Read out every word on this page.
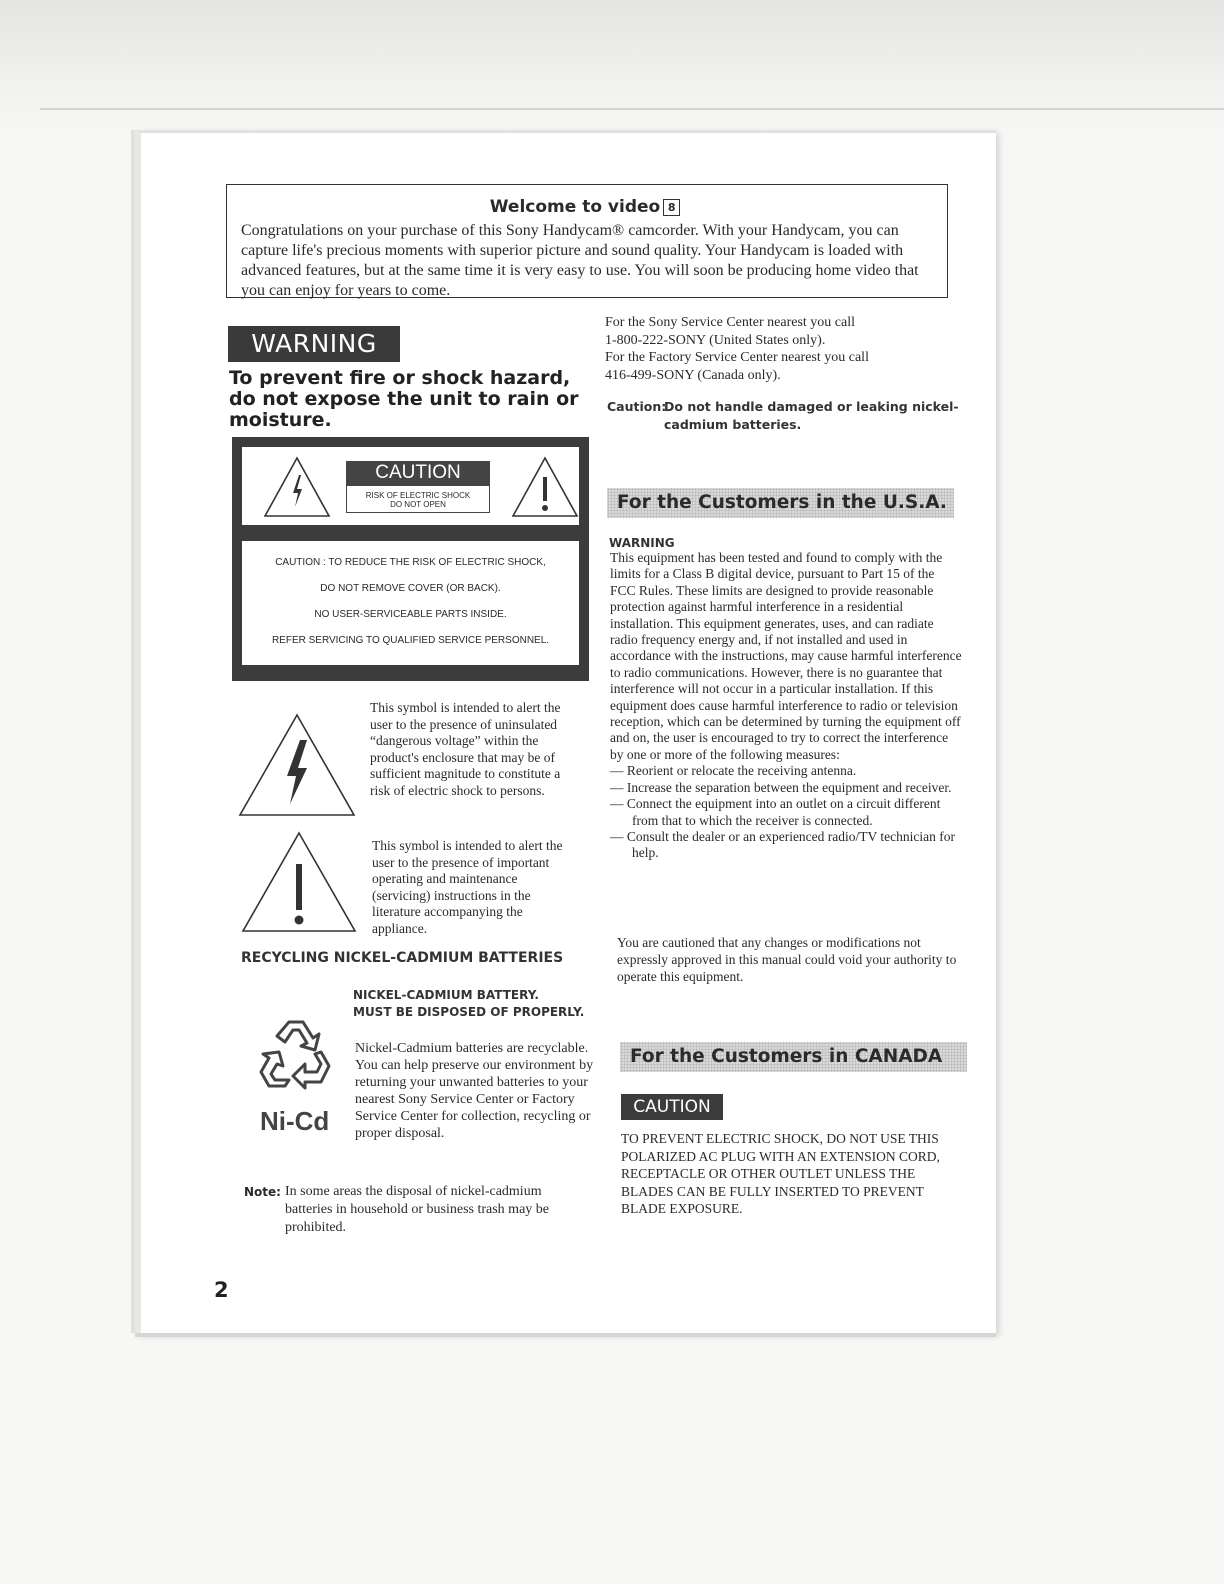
Welcome to video 8
Congratulations on your purchase of this Sony Handycam® camcorder. With your Handycam, you can capture life's precious moments with superior picture and sound quality. Your Handycam is loaded with advanced features, but at the same time it is very easy to use. You will soon be producing home video that you can enjoy for years to come.
WARNING
To prevent fire or shock hazard, do not expose the unit to rain or moisture.
CAUTION
RISK OF ELECTRIC SHOCK
DO NOT OPEN

CAUTION : TO REDUCE THE RISK OF ELECTRIC SHOCK,

DO NOT REMOVE COVER (OR BACK).

NO USER-SERVICEABLE PARTS INSIDE.

REFER SERVICING TO QUALIFIED SERVICE PERSONNEL.

This symbol is intended to alert the user to the presence of uninsulated “dangerous voltage” within the product's enclosure that may be of sufficient magnitude to constitute a risk of electric shock to persons.
This symbol is intended to alert the user to the presence of important operating and maintenance (servicing) instructions in the literature accompanying the appliance.
RECYCLING NICKEL-CADMIUM BATTERIES
NICKEL-CADMIUM BATTERY.
MUST BE DISPOSED OF PROPERLY.
Ni-Cd
Nickel-Cadmium batteries are recyclable. You can help preserve our environment by returning your unwanted batteries to your nearest Sony Service Center or Factory Service Center for collection, recycling or proper disposal.
Note: In some areas the disposal of nickel-cadmium batteries in household or business trash may be prohibited.
2
For the Sony Service Center nearest you call
1-800-222-SONY (United States only).
For the Factory Service Center nearest you call
416-499-SONY (Canada only).
Caution:Do not handle damaged or leaking nickel-
cadmium batteries.
For the Customers in the U.S.A.
WARNING

This equipment has been tested and found to comply with the limits for a Class B digital device, pursuant to Part 15 of the FCC Rules. These limits are designed to provide reasonable protection against harmful interference in a residential installation. This equipment generates, uses, and can radiate radio frequency energy and, if not installed and used in accordance with the instructions, may cause harmful interference to radio communications. However, there is no guarantee that interference will not occur in a particular installation. If this equipment does cause harmful interference to radio or television reception, which can be determined by turning the equipment off and on, the user is encouraged to try to correct the interference by one or more of the following measures:

— Reorient or relocate the receiving antenna.

— Increase the separation between the equipment and receiver.

— Connect the equipment into an outlet on a circuit different from that to which the receiver is connected.

— Consult the dealer or an experienced radio/TV technician for help.

You are cautioned that any changes or modifications not expressly approved in this manual could void your authority to operate this equipment.
For the Customers in CANADA
CAUTION
TO PREVENT ELECTRIC SHOCK, DO NOT USE THIS POLARIZED AC PLUG WITH AN EXTENSION CORD, RECEPTACLE OR OTHER OUTLET UNLESS THE BLADES CAN BE FULLY INSERTED TO PREVENT BLADE EXPOSURE.
